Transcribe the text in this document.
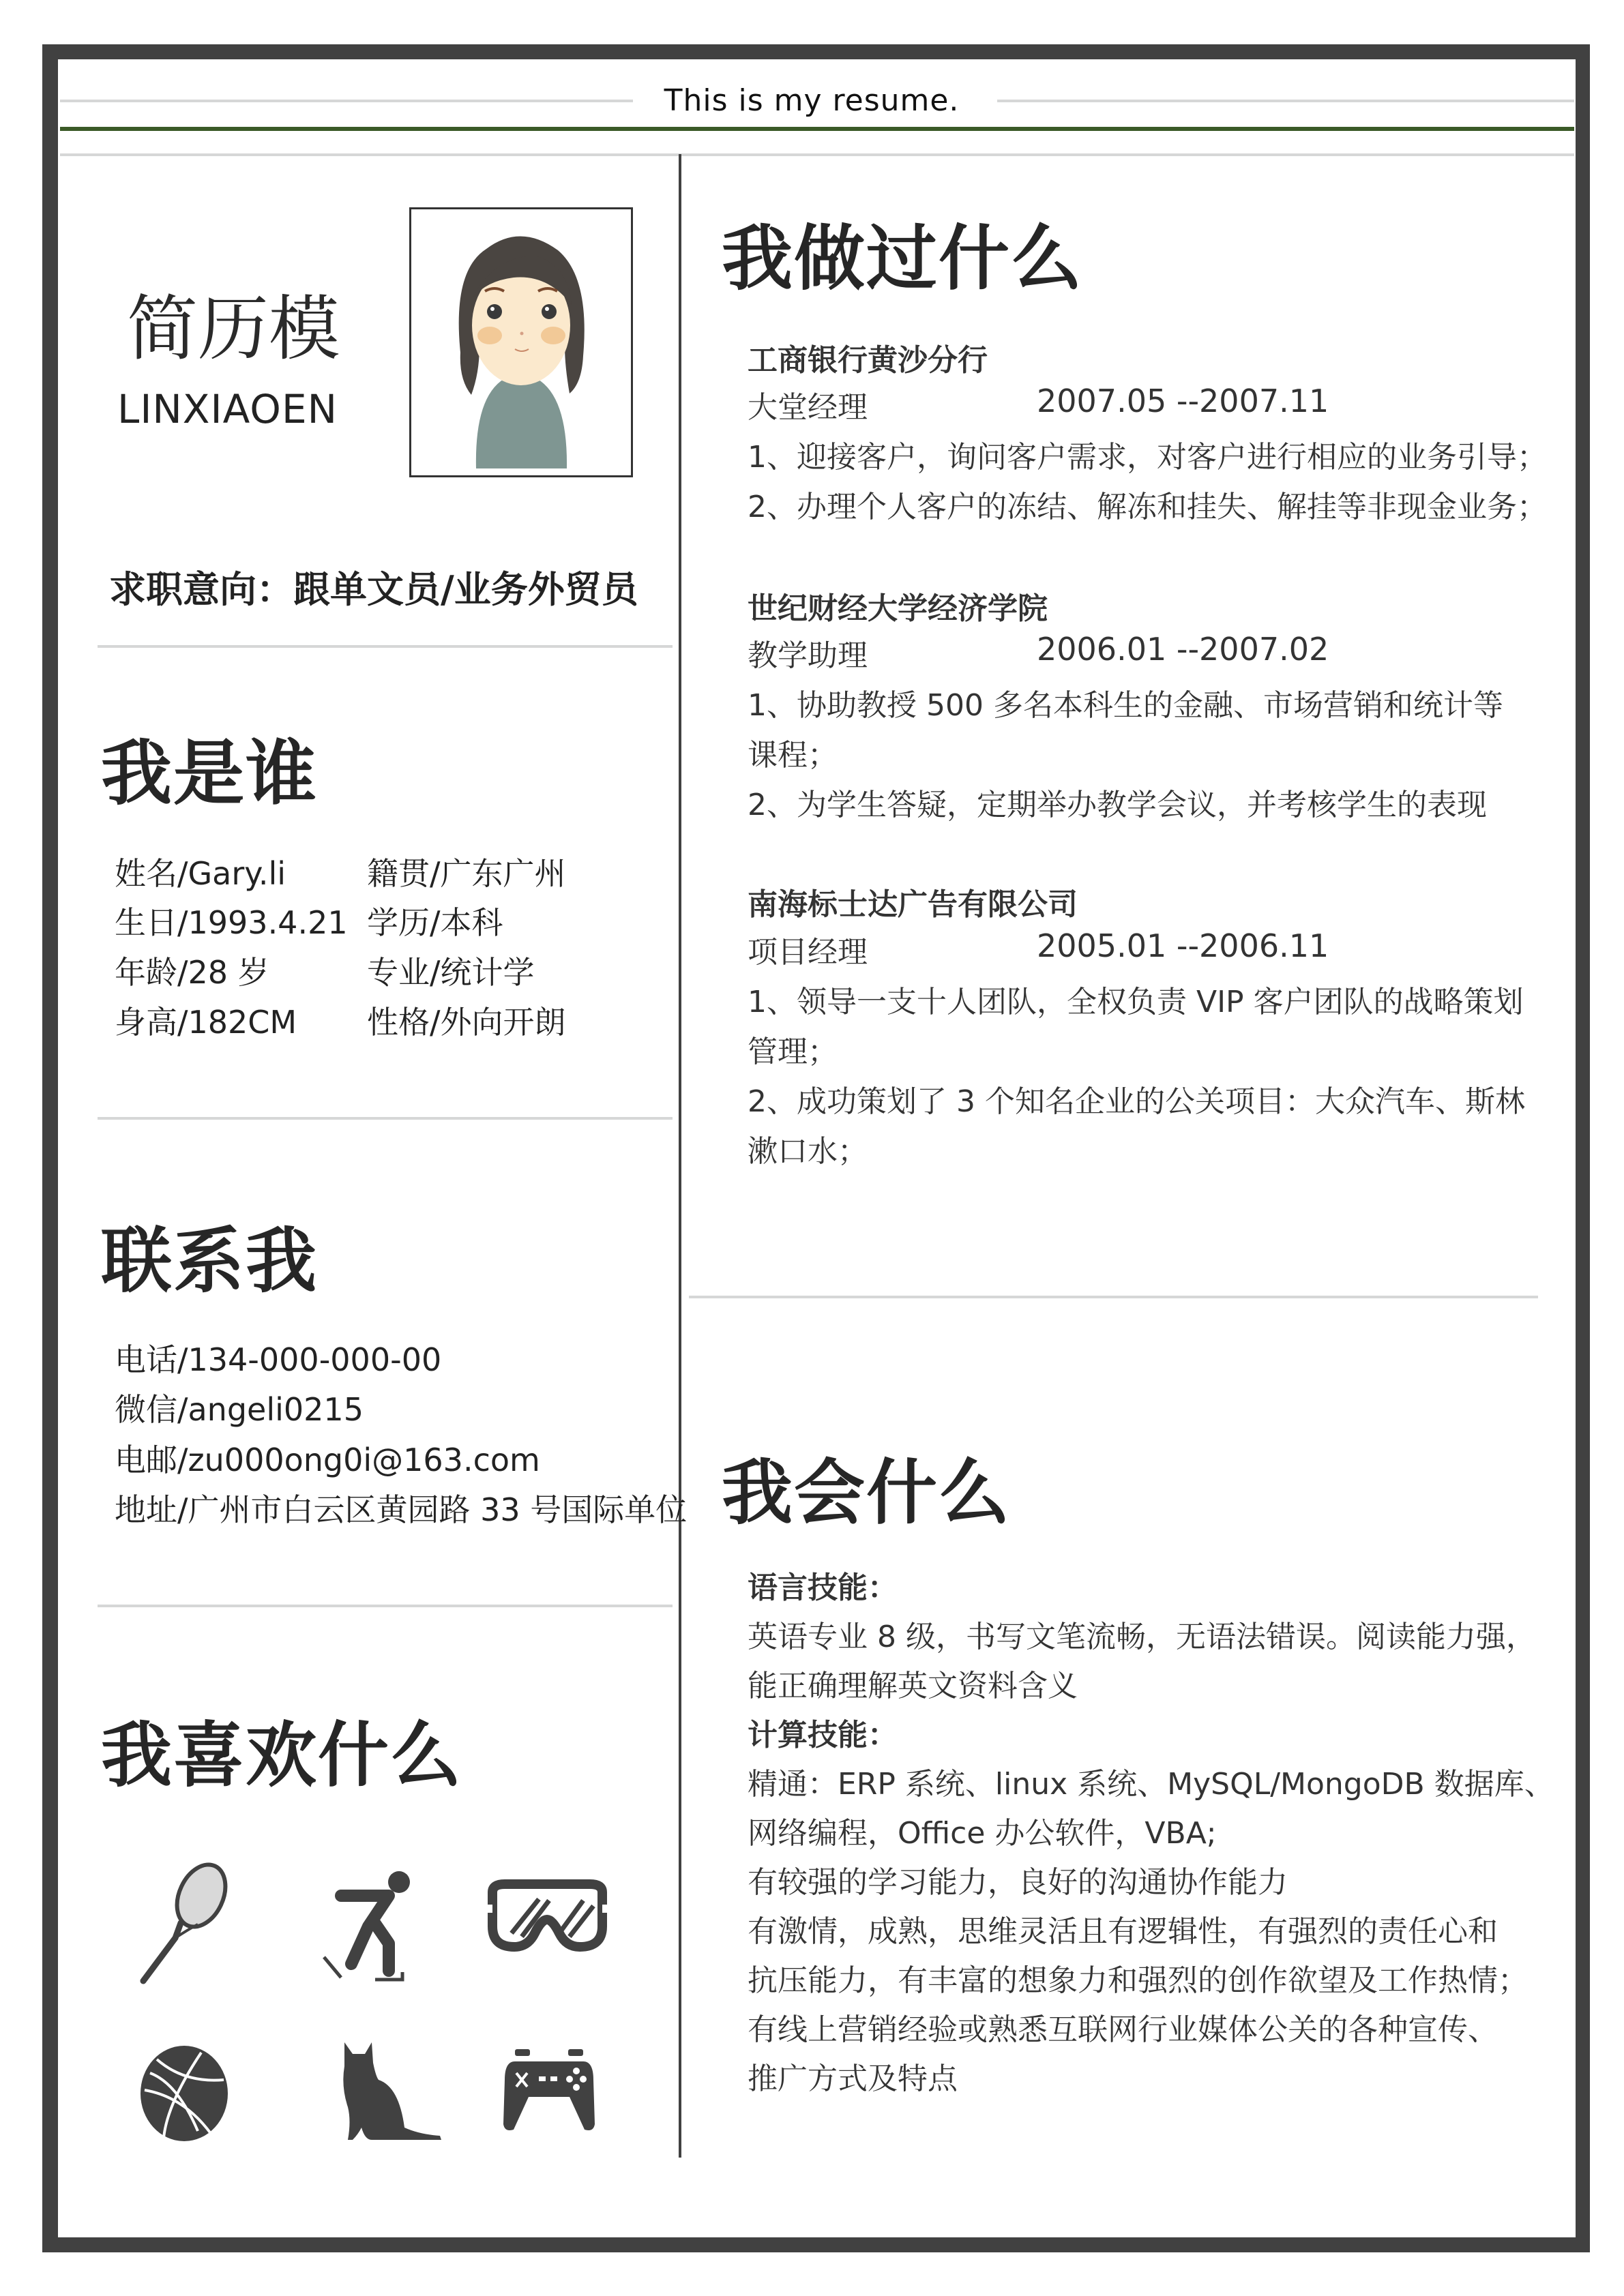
This is my resume.
简历模
LINXIAOEN
求职意向：跟单文员/业务外贸员
我是谁
姓名/Gary.li	籍贯/广东广州
生日/1993.4.21 学历/本科
年龄/28 岁	专业/统计学
身高/182CM 性格/外向开朗
联系我
电话/134-000-000-00
微信/angeli0215
电邮/zu000ong0i@163.com
地址/广州市白云区黄园路 33 号国际单位
我喜欢什么
我做过什么
工商银行黄沙分行
大堂经理	2007.05 --2007.11
1、迎接客户，询问客户需求，对客户进行相应的业务引导；
2、办理个人客户的冻结、解冻和挂失、解挂等非现金业务；
世纪财经大学经济学院
教学助理	2006.01 --2007.02
1、协助教授 500 多名本科生的金融、市场营销和统计等
课程；
2、为学生答疑，定期举办教学会议，并考核学生的表现
南海标士达广告有限公司
项目经理	2005.01 --2006.11
1、领导一支十人团队，全权负责 VIP 客户团队的战略策划
管理；
2、成功策划了 3 个知名企业的公关项目：大众汽车、斯林
漱口水；
我会什么
语言技能：
英语专业 8 级，书写文笔流畅，无语法错误。阅读能力强，
能正确理解英文资料含义
计算技能：
精通：ERP 系统、linux 系统、MySQL/MongoDB 数据库、
网络编程，Office 办公软件，VBA;
有较强的学习能力，良好的沟通协作能力
有激情，成熟，思维灵活且有逻辑性，有强烈的责任心和
抗压能力，有丰富的想象力和强烈的创作欲望及工作热情；
有线上营销经验或熟悉互联网行业媒体公关的各种宣传、
推广方式及特点
